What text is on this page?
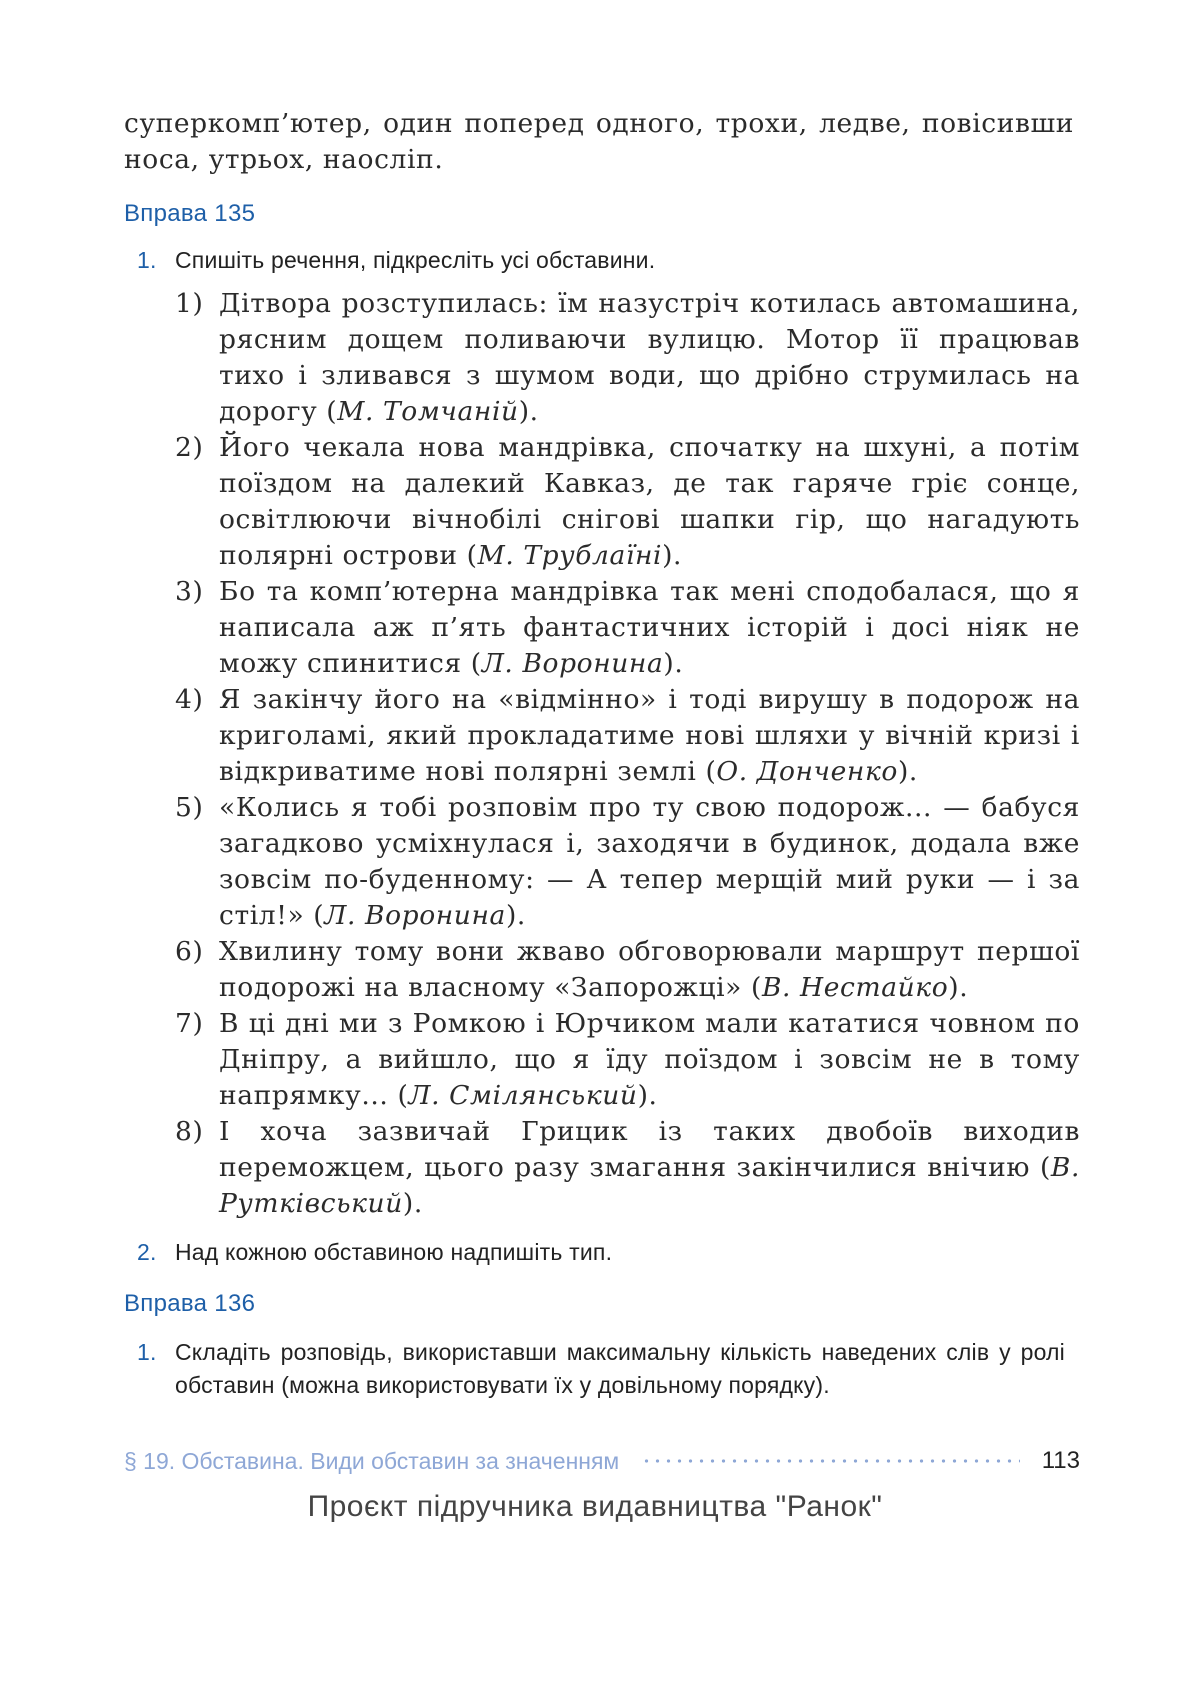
суперкомп’ютер, один поперед одного, трохи, ледве, повісивши носа, утрьох, наосліп.
Вправа 135
1. Спишіть речення, підкресліть усі обставини.
1) Дітвора розступилась: їм назустріч котилась автомашина, рясним дощем поливаючи вулицю. Мотор її працював тихо і зливався з шумом води, що дрібно струмилась на дорогу (М. Томчаній).
2) Його чекала нова мандрівка, спочатку на шхуні, а потім поїздом на далекий Кавказ, де так гаряче гріє сонце, освітлюючи вічнобілі снігові шапки гір, що нагадують полярні острови (М. Трублаїні).
3) Бо та комп’ютерна мандрівка так мені сподобалася, що я написала аж п’ять фантастичних історій і досі ніяк не можу спинитися (Л. Воронина).
4) Я закінчу його на «відмінно» і тоді вирушу в подорож на криголамі, який прокладатиме нові шляхи у вічній кризі і відкриватиме нові полярні землі (О. Донченко).
5) «Колись я тобі розповім про ту свою подорож... — бабуся загадково усміхнулася і, заходячи в будинок, додала вже зовсім по-буденному: — А тепер мерщій мий руки — і за стіл!» (Л. Воронина).
6) Хвилину тому вони жваво обговорювали маршрут першої подорожі на власному «Запорожці» (В. Нестайко).
7) В ці дні ми з Ромкою і Юрчиком мали кататися човном по Дніпру, а вийшло, що я їду поїздом і зовсім не в тому напрямку... (Л. Смілянський).
8) І хоча зазвичай Грицик із таких двобоїв виходив переможцем, цього разу змагання закінчилися внічию (В. Рутківський).
2. Над кожною обставиною надпишіть тип.
Вправа 136
1. Складіть розповідь, використавши максимальну кількість наведених слів у ролі обставин (можна використовувати їх у довільному порядку).
§ 19. Обставина. Види обставин за значенням	113
Проєкт підручника видавництва "Ранок"
